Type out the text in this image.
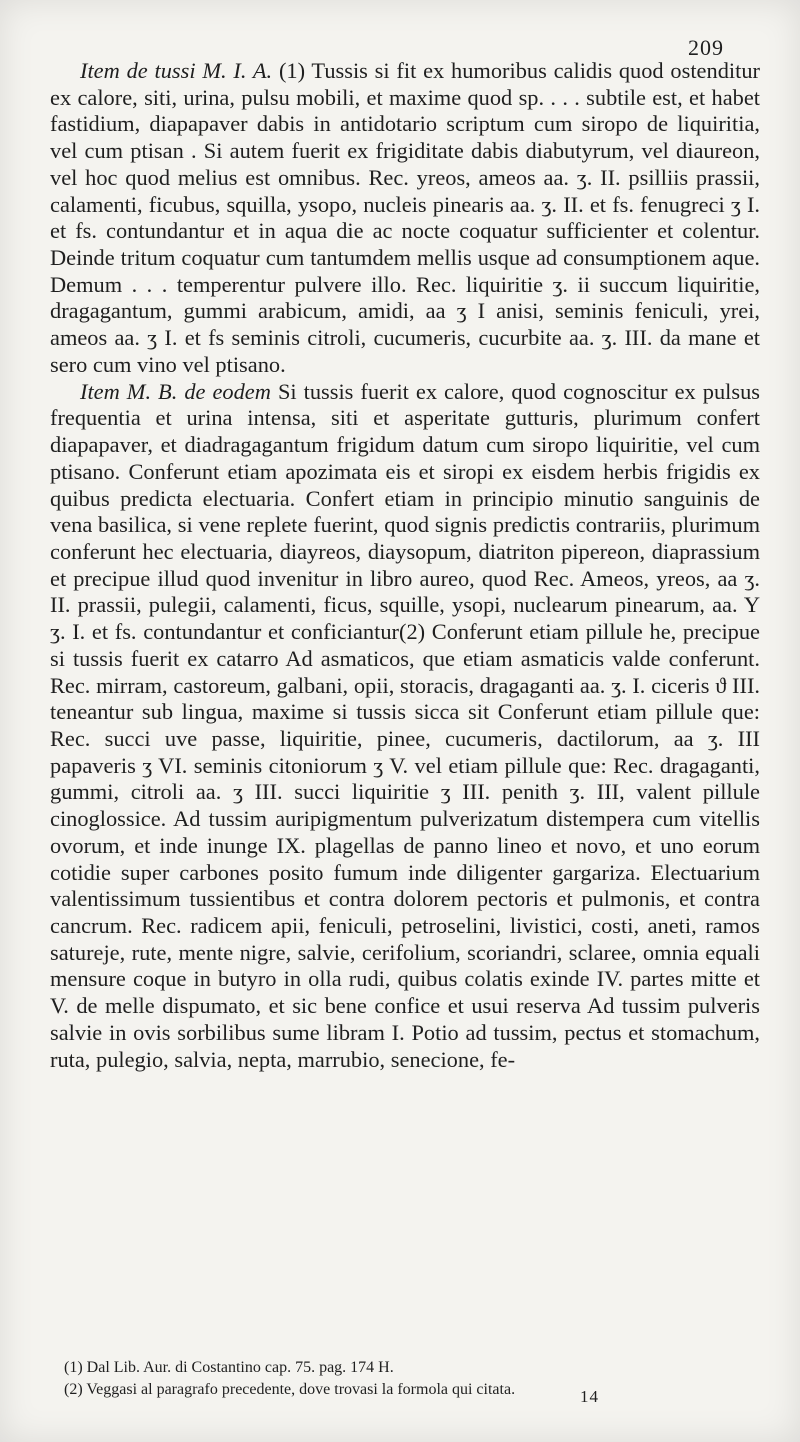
209

Item de tussi M. I. A. (1) Tussis si fit ex humoribus calidis quod ostenditur ex calore, siti, urina, pulsu mobili, et maxime quod sp. . . . subtile est, et habet fastidium, diapapaver dabis in antidotario scriptum cum siropo de liquiritia, vel cum ptisan . Si autem fuerit ex frigiditate dabis diabutyrum, vel diaureon, vel hoc quod melius est omnibus. Rec. yreos, ameos aa. ʒ. II. psilliis prassii, calamenti, ficubus, squilla, ysopo, nucleis pinearis aa. ʒ. II. et fs. fenugreci ʒ I. et fs. contundantur et in aqua die ac nocte coquatur sufficienter et colentur. Deinde tritum coquatur cum tantumdem mellis usque ad consumptionem aque. Demum . . . temperentur pulvere illo. Rec. liquiritie ʒ. ii succum liquiritie, dragagantum, gummi arabicum, amidi, aa ʒ I anisi, seminis feniculi, yrei, ameos aa. ʒ I. et fs seminis citroli, cucumeris, cucurbite aa. ʒ. III. da mane et sero cum vino vel ptisano.

Item M. B. de eodem Si tussis fuerit ex calore, quod cognoscitur ex pulsus frequentia et urina intensa, siti et asperitate gutturis, plurimum confert diapapaver, et diadragagantum frigidum datum cum siropo liquiritie, vel cum ptisano. Conferunt etiam apozimata eis et siropi ex eisdem herbis frigidis ex quibus predicta electuaria. Confert etiam in principio minutio sanguinis de vena basilica, si vene replete fuerint, quod signis predictis contrariis, plurimum conferunt hec electuaria, diayreos, diaysopum, diatriton pipereon, diaprassium et precipue illud quod invenitur in libro aureo, quod Rec. Ameos, yreos, aa ʒ. II. prassii, pulegii, calamenti, ficus, squille, ysopi, nuclearum pinearum, aa. Y ʒ. I. et fs. contundantur et conficiantur(2) Conferunt etiam pillule he, precipue si tussis fuerit ex catarro Ad asmaticos, que etiam asmaticis valde conferunt. Rec. mirram, castoreum, galbani, opii, storacis, dragaganti aa. ʒ. I. ciceris ϑ III. teneantur sub lingua, maxime si tussis sicca sit Conferunt etiam pillule que: Rec. succi uve passe, liquiritie, pinee, cucumeris, dactilorum, aa ʒ. III papaveris ʒ VI. seminis citoniorum ʒ V. vel etiam pillule que: Rec. dragaganti, gummi, citroli aa. ʒ III. succi liquiritie ʒ III. penith ʒ. III, valent pillule cinoglossice. Ad tussim auripigmentum pulverizatum distempera cum vitellis ovorum, et inde inunge IX. plagellas de panno lineo et novo, et uno eorum cotidie super carbones posito fumum inde diligenter gargariza. Electuarium valentissimum tussientibus et contra dolorem pectoris et pulmonis, et contra cancrum. Rec. radicem apii, feniculi, petroselini, livistici, costi, aneti, ramos satureje, rute, mente nigre, salvie, cerifolium, scoriandri, sclaree, omnia equali mensure coque in butyro in olla rudi, quibus colatis exinde IV. partes mitte et V. de melle dispumato, et sic bene confice et usui reserva Ad tussim pulveris salvie in ovis sorbilibus sume libram I. Potio ad tussim, pectus et stomachum, ruta, pulegio, salvia, nepta, marrubio, senecione, fe-

(1) Dal Lib. Aur. di Costantino cap. 75. pag. 174 H.
(2) Veggasi al paragrafo precedente, dove trovasi la formola qui citata.	14
